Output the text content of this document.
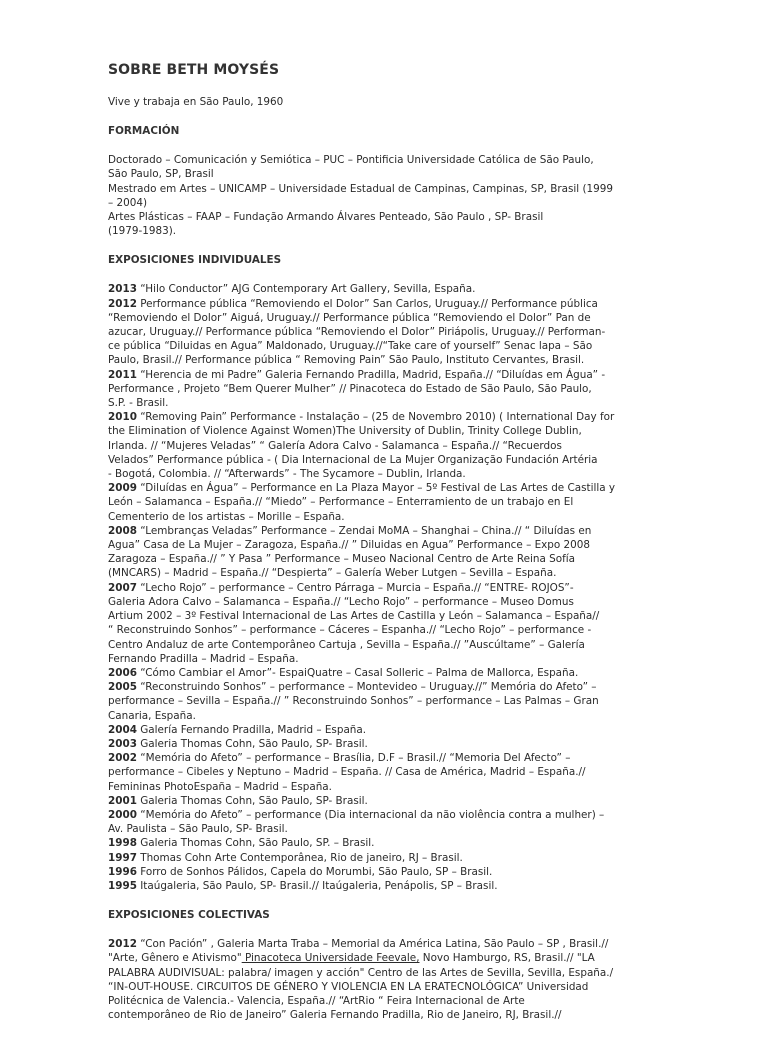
SOBRE BETH MOYSÉS

Vive y trabaja en São Paulo, 1960

FORMACIÓN

Doctorado – Comunicación y Semiótica – PUC – Pontificia Universidade Católica de São Paulo,

São Paulo, SP, Brasil

Mestrado em Artes – UNICAMP – Universidade Estadual de Campinas, Campinas, SP, Brasil (1999

– 2004)

Artes Plásticas – FAAP – Fundação Armando Álvares Penteado, São Paulo , SP- Brasil

(1979-1983).

EXPOSICIONES INDIVIDUALES

2013 “Hilo Conductor” AJG Contemporary Art Gallery, Sevilla, España.

2012 Performance pública “Removiendo el Dolor” San Carlos, Uruguay.// Performance pública

“Removiendo el Dolor” Aiguá, Uruguay.// Performance pública “Removiendo el Dolor” Pan de

azucar, Uruguay.// Performance pública “Removiendo el Dolor” Piriápolis, Uruguay.// Performan-

ce pública “Diluidas en Agua” Maldonado, Uruguay.//“Take care of yourself” Senac lapa – São

Paulo, Brasil.// Performance pública “ Removing Pain” São Paulo, Instituto Cervantes, Brasil.

2011 “Herencia de mi Padre” Galeria Fernando Pradilla, Madrid, España.// “Diluídas em Água” -

Performance , Projeto “Bem Querer Mulher” // Pinacoteca do Estado de São Paulo, São Paulo,

S.P. - Brasil.

2010 “Removing Pain” Performance - Instalação – (25 de Novembro 2010) ( International Day for

the Elimination of Violence Against Women)The University of Dublin, Trinity College Dublin,

Irlanda. // “Mujeres Veladas” “ Galería Adora Calvo - Salamanca – España.// “Recuerdos

Velados” Performance pública - ( Dia Internacional de La Mujer Organização Fundación Artéria

- Bogotá, Colombia. // “Afterwards” - The Sycamore – Dublin, Irlanda.

2009 “Diluídas en Água” – Performance en La Plaza Mayor – 5º Festival de Las Artes de Castilla y

León – Salamanca – España.// “Miedo” – Performance – Enterramiento de un trabajo en El

Cementerio de los artistas – Morille – España.

2008 “Lembranças Veladas” Performance – Zendai MoMA – Shanghai – China.// “ Diluídas en

Agua” Casa de La Mujer – Zaragoza, España.// ” Diluidas en Agua” Performance – Expo 2008

Zaragoza – España.// ” Y Pasa ” Performance – Museo Nacional Centro de Arte Reina Sofía

(MNCARS) – Madrid – España.// “Despierta” – Galería Weber Lutgen – Sevilla – España.

2007 “Lecho Rojo” – performance – Centro Párraga – Murcia – España.// “ENTRE- ROJOS”-

Galeria Adora Calvo – Salamanca – España.// “Lecho Rojo” – performance – Museo Domus

Artium 2002 – 3º Festival Internacional de Las Artes de Castilla y León – Salamanca – España//

“ Reconstruindo Sonhos” – performance – Cáceres – Espanha.// “Lecho Rojo” – performance -

Centro Andaluz de arte Contemporâneo Cartuja , Sevilla – España.// ”Auscúltame” – Galería

Fernando Pradilla – Madrid – España.

2006 “Cómo Cambiar el Amor”- EspaiQuatre – Casal Solleric – Palma de Mallorca, España.

2005 “Reconstruindo Sonhos” – performance – Montevideo – Uruguay.//” Memória do Afeto” –

performance – Sevilla – España.// ” Reconstruindo Sonhos” – performance – Las Palmas – Gran

Canaria, España.

2004 Galería Fernando Pradilla, Madrid – España.

2003 Galeria Thomas Cohn, São Paulo, SP- Brasil.

2002 “Memória do Afeto” – performance – Brasília, D.F – Brasil.// “Memoria Del Afecto” –

performance – Cibeles y Neptuno – Madrid – España. // Casa de América, Madrid – España.//

Femininas PhotoEspaña – Madrid – España.

2001 Galeria Thomas Cohn, São Paulo, SP- Brasil.

2000 “Memória do Afeto” – performance (Dia internacional da não violência contra a mulher) –

Av. Paulista – São Paulo, SP- Brasil.

1998 Galeria Thomas Cohn, São Paulo, SP. – Brasil.

1997 Thomas Cohn Arte Contemporânea, Rio de janeiro, RJ – Brasil.

1996 Forro de Sonhos Pálidos, Capela do Morumbi, São Paulo, SP – Brasil.

1995 Itaúgaleria, São Paulo, SP- Brasil.// Itaúgaleria, Penápolis, SP – Brasil.

EXPOSICIONES COLECTIVAS

2012 “Con Pación” , Galeria Marta Traba – Memorial da América Latina, São Paulo – SP , Brasil.//

"Arte, Gênero e Ativismo" Pinacoteca Universidade Feevale, Novo Hamburgo, RS, Brasil.// "LA

PALABRA AUDIVISUAL: palabra/ imagen y acción" Centro de las Artes de Sevilla, Sevilla, España./

“IN-OUT-HOUSE. CIRCUITOS DE GÉNERO Y VIOLENCIA EN LA ERATECNOLÓGICA” Universidad

Politécnica de Valencia.- Valencia, España.// “ArtRio “ Feira Internacional de Arte

contemporâneo de Rio de Janeiro” Galeria Fernando Pradilla, Rio de Janeiro, RJ, Brasil.//
